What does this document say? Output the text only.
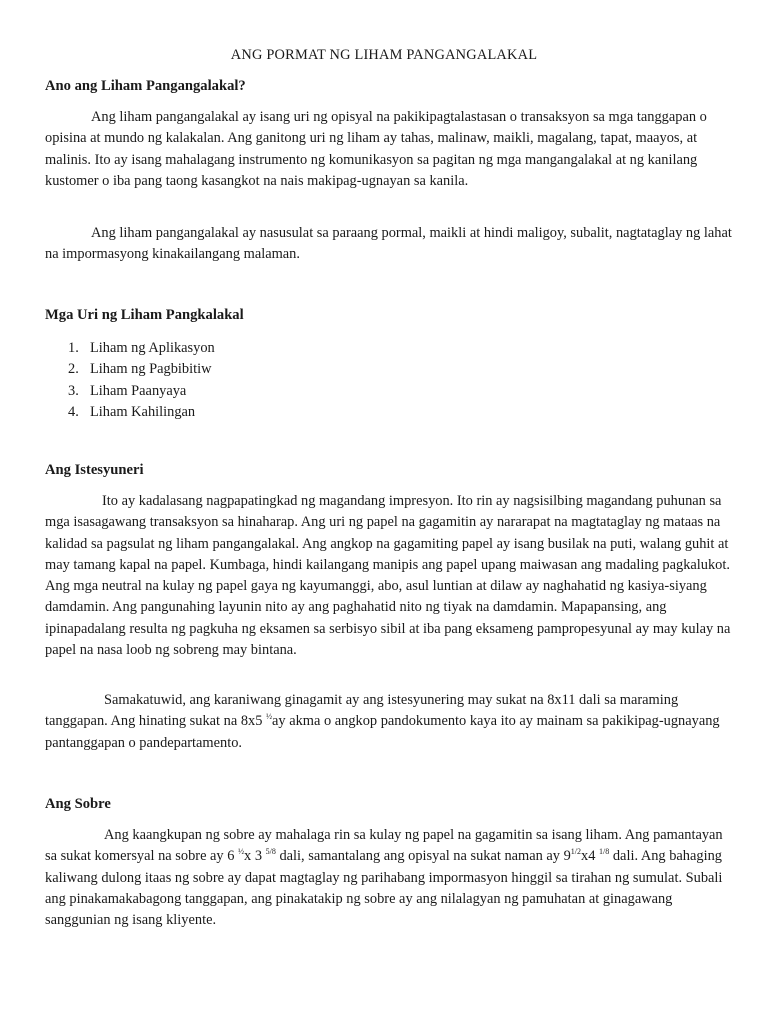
ANG PORMAT NG LIHAM PANGANGALAKAL
Ano ang Liham Pangangalakal?

Ang liham pangangalakal ay isang uri ng opisyal na pakikipagtalastasan o transaksyon sa mga tanggapan o opisina at mundo ng kalakalan. Ang ganitong uri ng liham ay tahas, malinaw, maikli, magalang, tapat, maayos, at malinis. Ito ay isang mahalagang instrumento ng komunikasyon sa pagitan ng mga mangangalakal at ng kanilang kustomer o iba pang taong kasangkot na nais makipag-ugnayan sa kanila.

Ang liham pangangalakal ay nasusulat sa paraang pormal, maikli at hindi maligoy, subalit, nagtataglay ng lahat na impormasyong kinakailangang malaman.

Mga Uri ng Liham Pangkalakal
1. Liham ng Aplikasyon
2. Liham ng Pagbibitiw
3. Liham Paanyaya
4. Liham Kahilingan
Ang Istesyuneri

Ito ay kadalasang nagpapatingkad ng magandang impresyon. Ito rin ay nagsisilbing magandang puhunan sa mga isasagawang transaksyon sa hinaharap. Ang uri ng papel na gagamitin ay nararapat na magtataglay ng mataas na kalidad sa pagsulat ng liham pangangalakal. Ang angkop na gagamiting papel ay isang busilak na puti, walang guhit at may tamang kapal na papel. Kumbaga, hindi kailangang manipis ang papel upang maiwasan ang madaling pagkalukot. Ang mga neutral na kulay ng papel gaya ng kayumanggi, abo, asul luntian at dilaw ay naghahatid ng kasiya-siyang damdamin. Ang pangunahing layunin nito ay ang paghahatid nito ng tiyak na damdamin. Mapapansing, ang ipinapadalang resulta ng pagkuha ng eksamen sa serbisyo sibil at iba pang eksameng pampropesyunal ay may kulay na papel na nasa loob ng sobreng may bintana.

Samakatuwid, ang karaniwang ginagamit ay ang istesyunering may sukat na 8x11 dali sa maraming tanggapan. Ang hinating sukat na 8x5 $^{\frac{1}{2}}$ay akma o angkop pandokumento kaya ito ay mainam sa pakikipag-ugnayang pantanggapan o pandepartamento.

Ang Sobre

Ang kaangkupan ng sobre ay mahalaga rin sa kulay ng papel na gagamitin sa isang liham. Ang pamantayan sa sukat komersyal na sobre ay 6 $^{\frac{1}{2}}$x 3 $^{5/8}$ dali, samantalang ang opisyal na sukat naman ay $9^{1/2}x4$ $^{1/8}$ dali. Ang bahaging kaliwang dulong itaas ng sobre ay dapat magtaglay ng parihabang impormasyon hinggil sa tirahan ng sumulat. Subali ang pinakamakabagong tanggapan, ang pinakatakip ng sobre ay ang nilalagyan ng pamuhatan at ginagawang sanggunian ng isang kliyente.
